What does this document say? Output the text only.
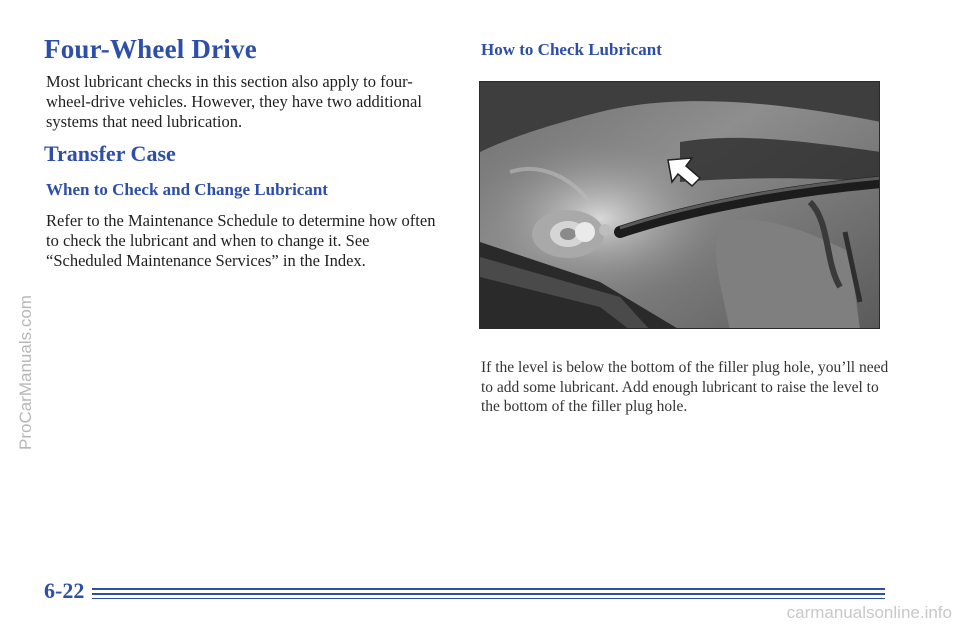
ProCarManuals.com
Four-Wheel Drive
Most lubricant checks in this section also apply to four-wheel-drive vehicles. However, they have two additional systems that need lubrication.
Transfer Case
When to Check and Change Lubricant
Refer to the Maintenance Schedule to determine how often to check the lubricant and when to change it. See “Scheduled Maintenance Services” in the Index.
How to Check Lubricant
If the level is below the bottom of the filler plug hole, you’ll need to add some lubricant. Add enough lubricant to raise the level to the bottom of the filler plug hole.
6-22
carmanualsonline.info
